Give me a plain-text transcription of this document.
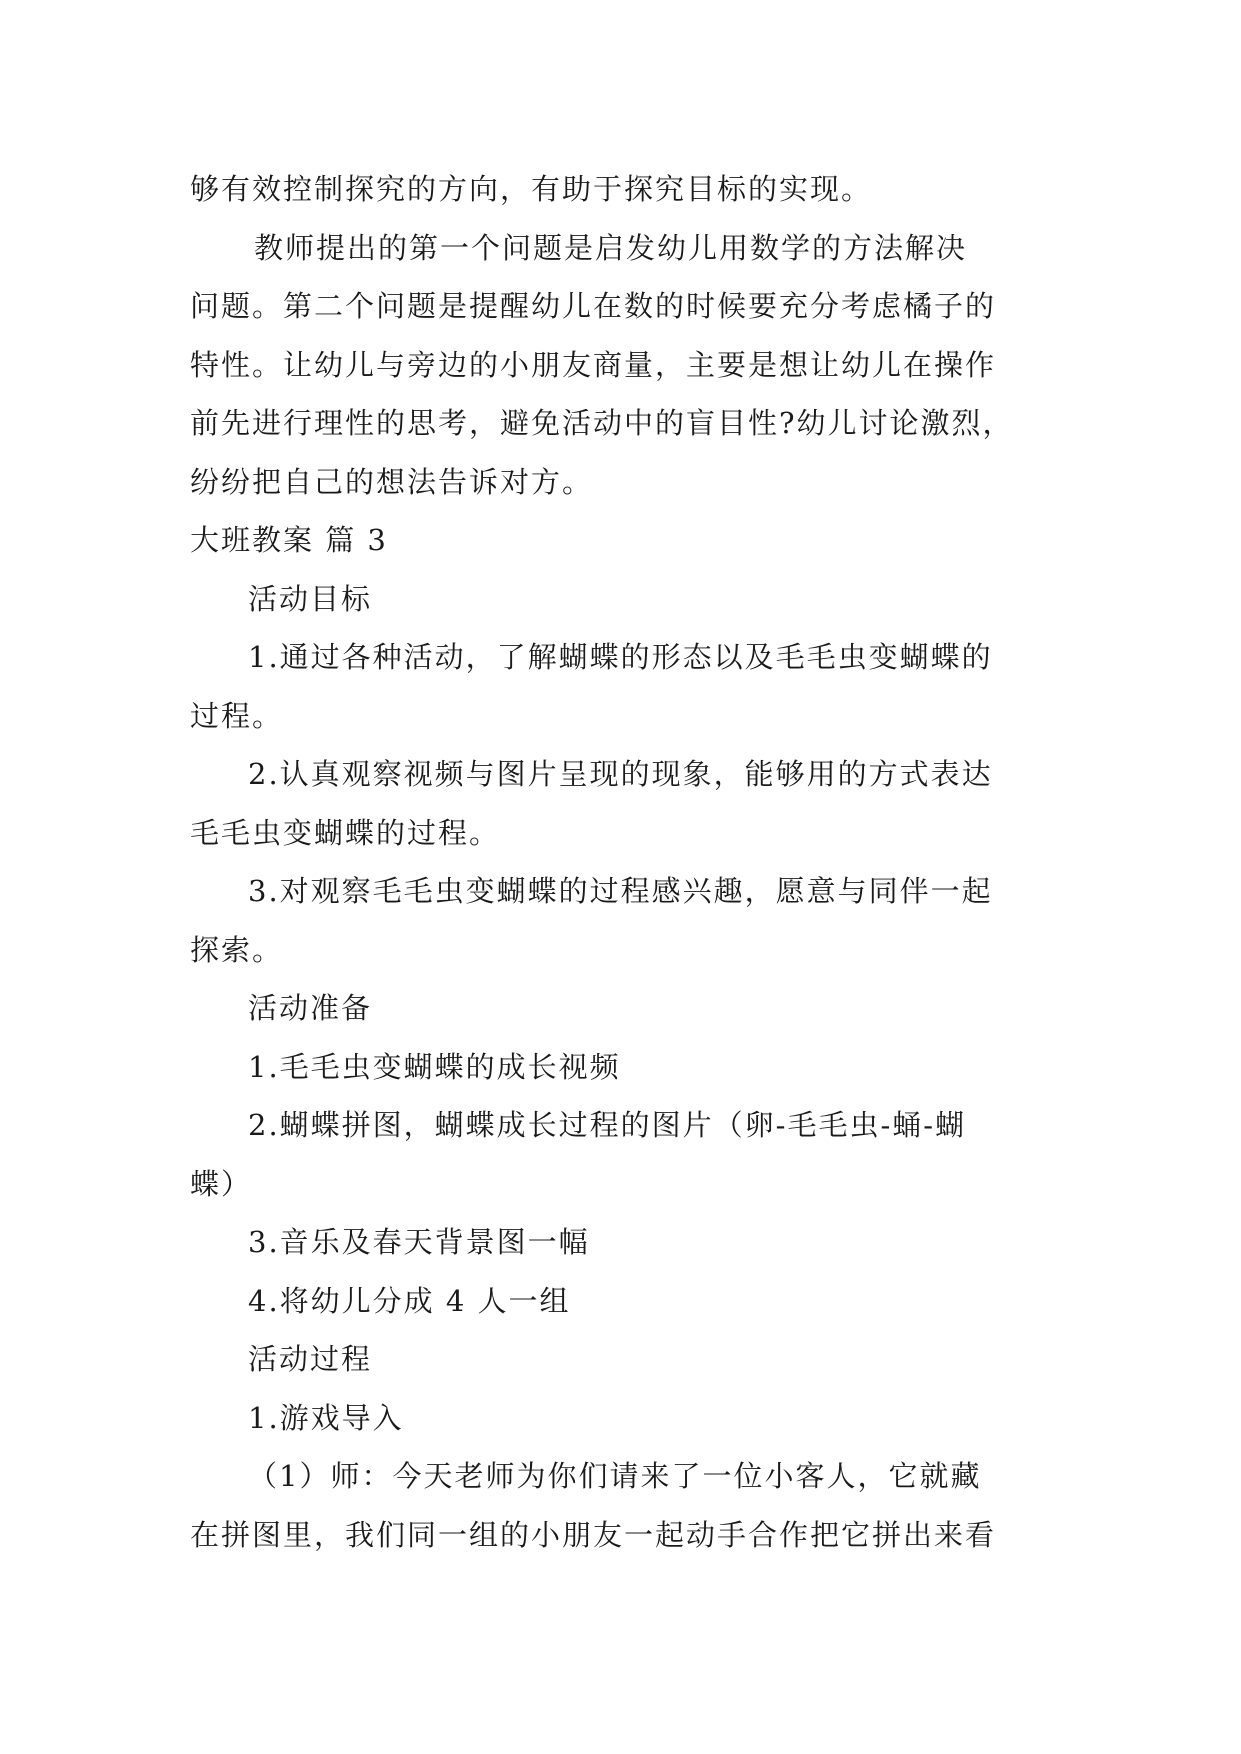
够有效控制探究的方向，有助于探究目标的实现。
教师提出的第一个问题是启发幼儿用数学的方法解决
问题。第二个问题是提醒幼儿在数的时候要充分考虑橘子的
特性。让幼儿与旁边的小朋友商量，主要是想让幼儿在操作
前先进行理性的思考，避免活动中的盲目性?幼儿讨论激烈，
纷纷把自己的想法告诉对方。
大班教案 篇 3
活动目标
1.通过各种活动，了解蝴蝶的形态以及毛毛虫变蝴蝶的
过程。
2.认真观察视频与图片呈现的现象，能够用的方式表达
毛毛虫变蝴蝶的过程。
3.对观察毛毛虫变蝴蝶的过程感兴趣，愿意与同伴一起
探索。
活动准备
1.毛毛虫变蝴蝶的成长视频
2.蝴蝶拼图，蝴蝶成长过程的图片（卵-毛毛虫-蛹-蝴
蝶）
3.音乐及春天背景图一幅
4.将幼儿分成 4 人一组
活动过程
1.游戏导入
（1）师：今天老师为你们请来了一位小客人，它就藏
在拼图里，我们同一组的小朋友一起动手合作把它拼出来看
